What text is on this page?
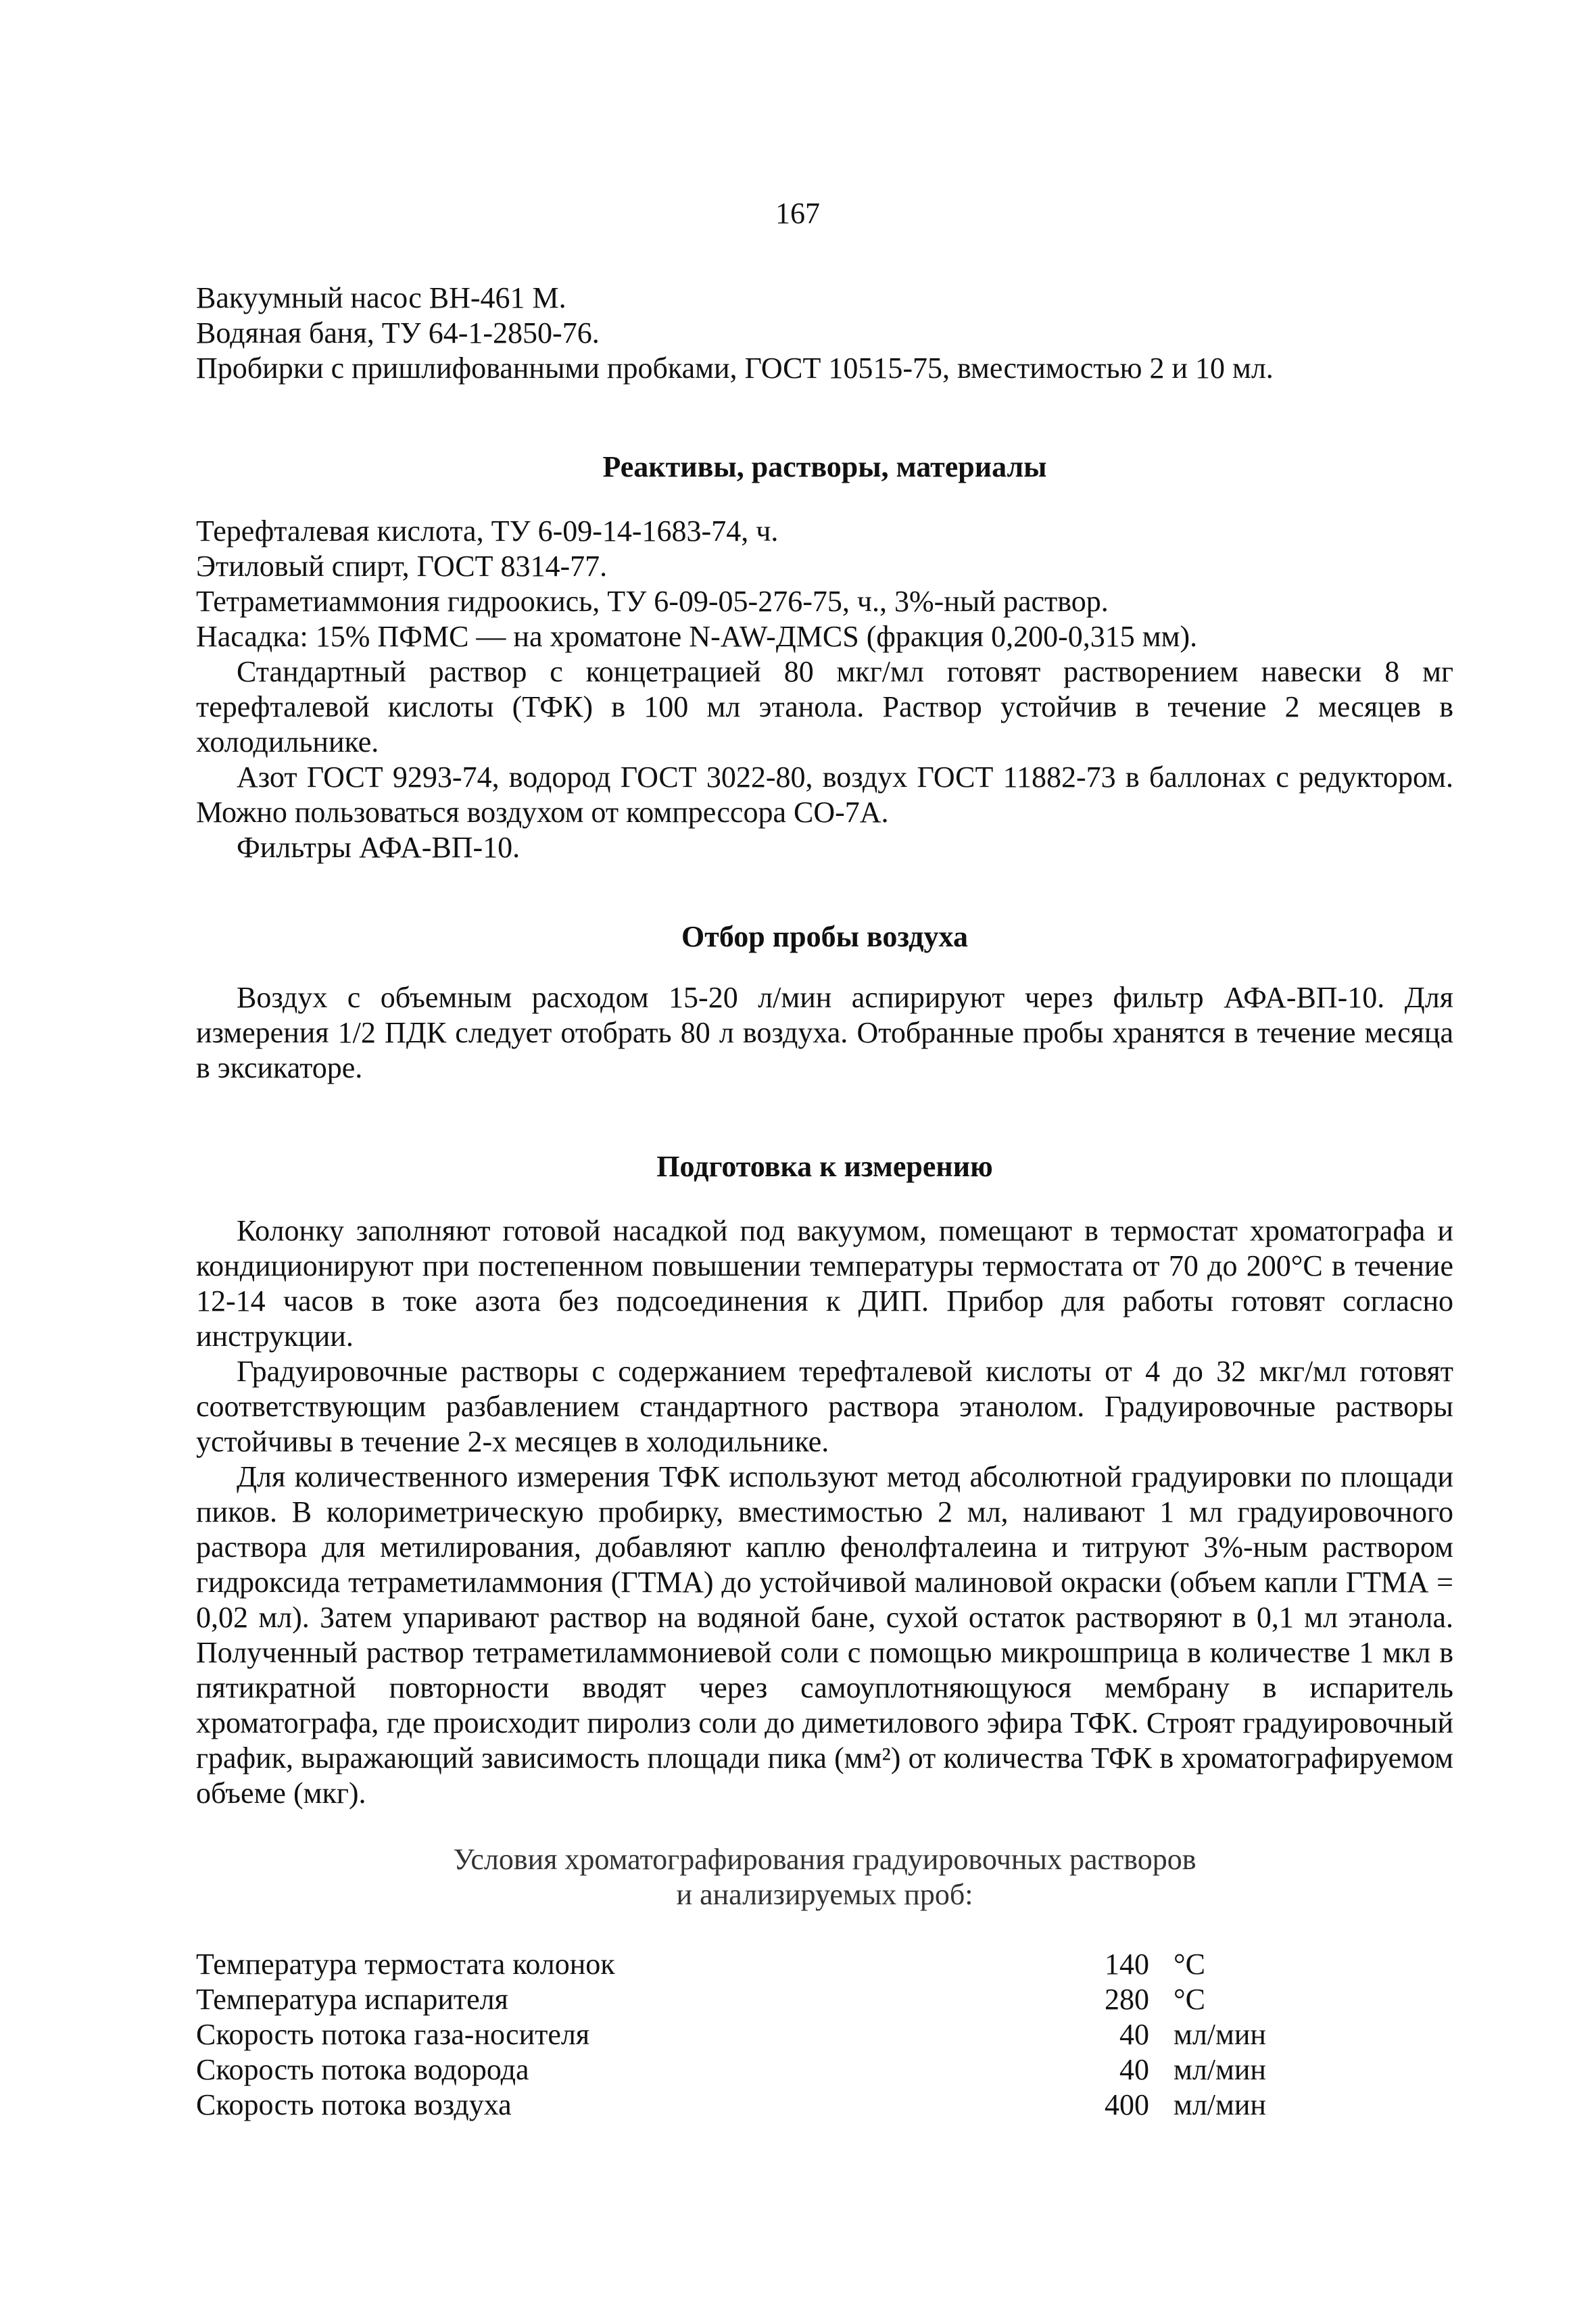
167

Вакуумный насос ВН-461 М.

Водяная баня, ТУ 64-1-2850-76.

Пробирки с пришлифованными пробками, ГОСТ 10515-75, вместимостью 2 и 10 мл.

Реактивы, растворы, материалы

Терефталевая кислота, ТУ 6-09-14-1683-74, ч.

Этиловый спирт, ГОСТ 8314-77.

Тетраметиаммония гидроокись, ТУ 6-09-05-276-75, ч., 3%-ный раствор.

Насадка: 15% ПФМС — на хроматоне N-AW-ДМСS (фракция 0,200-0,315 мм).

Стандартный раствор с концетрацией 80 мкг/мл готовят растворением навески 8 мг терефталевой кислоты (ТФК) в 100 мл этанола. Раствор устойчив в течение 2 месяцев в холодильнике.

Азот ГОСТ 9293-74, водород ГОСТ 3022-80, воздух ГОСТ 11882-73 в баллонах с редуктором. Можно пользоваться воздухом от компрессора СО-7А.

Фильтры АФА-ВП-10.

Отбор пробы воздуха

Воздух с объемным расходом 15-20 л/мин аспирируют через фильтр АФА-ВП-10. Для измерения 1/2 ПДК следует отобрать 80 л воздуха. Отобранные пробы хранятся в течение месяца в эксикаторе.

Подготовка к измерению

Колонку заполняют готовой насадкой под вакуумом, помещают в термостат хроматографа и кондиционируют при постепенном повышении температуры термостата от 70 до 200°С в течение 12-14 часов в токе азота без подсоединения к ДИП. Прибор для работы готовят согласно инструкции.

Градуировочные растворы с содержанием терефталевой кислоты от 4 до 32 мкг/мл готовят соответствующим разбавлением стандартного раствора этанолом. Градуировочные растворы устойчивы в течение 2-х месяцев в холодильнике.

Для количественного измерения ТФК используют метод абсолютной градуировки по площади пиков. В колориметрическую пробирку, вместимостью 2 мл, наливают 1 мл градуировочного раствора для метилирования, добавляют каплю фенолфталеина и титруют 3%-ным раствором гидроксида тетраметиламмония (ГТМА) до устойчивой малиновой окраски (объем капли ГТМА = 0,02 мл). Затем упаривают раствор на водяной бане, сухой остаток растворяют в 0,1 мл этанола. Полученный раствор тетраметиламмониевой соли с помощью микрошприца в количестве 1 мкл в пятикратной повторности вводят через самоуплотняющуюся мембрану в испаритель хроматографа, где происходит пиролиз соли до диметилового эфира ТФК. Строят градуировочный график, выражающий зависимость площади пика (мм²) от количества ТФК в хроматографируемом объеме (мкг).

Условия хроматографирования градуировочных растворов
и анализируемых проб:
Температура термостата колонок	140	°С
Температура испарителя	280	°С
Скорость потока газа-носителя	40	мл/мин
Скорость потока водорода	40	мл/мин
Скорость потока воздуха	400	мл/мин
